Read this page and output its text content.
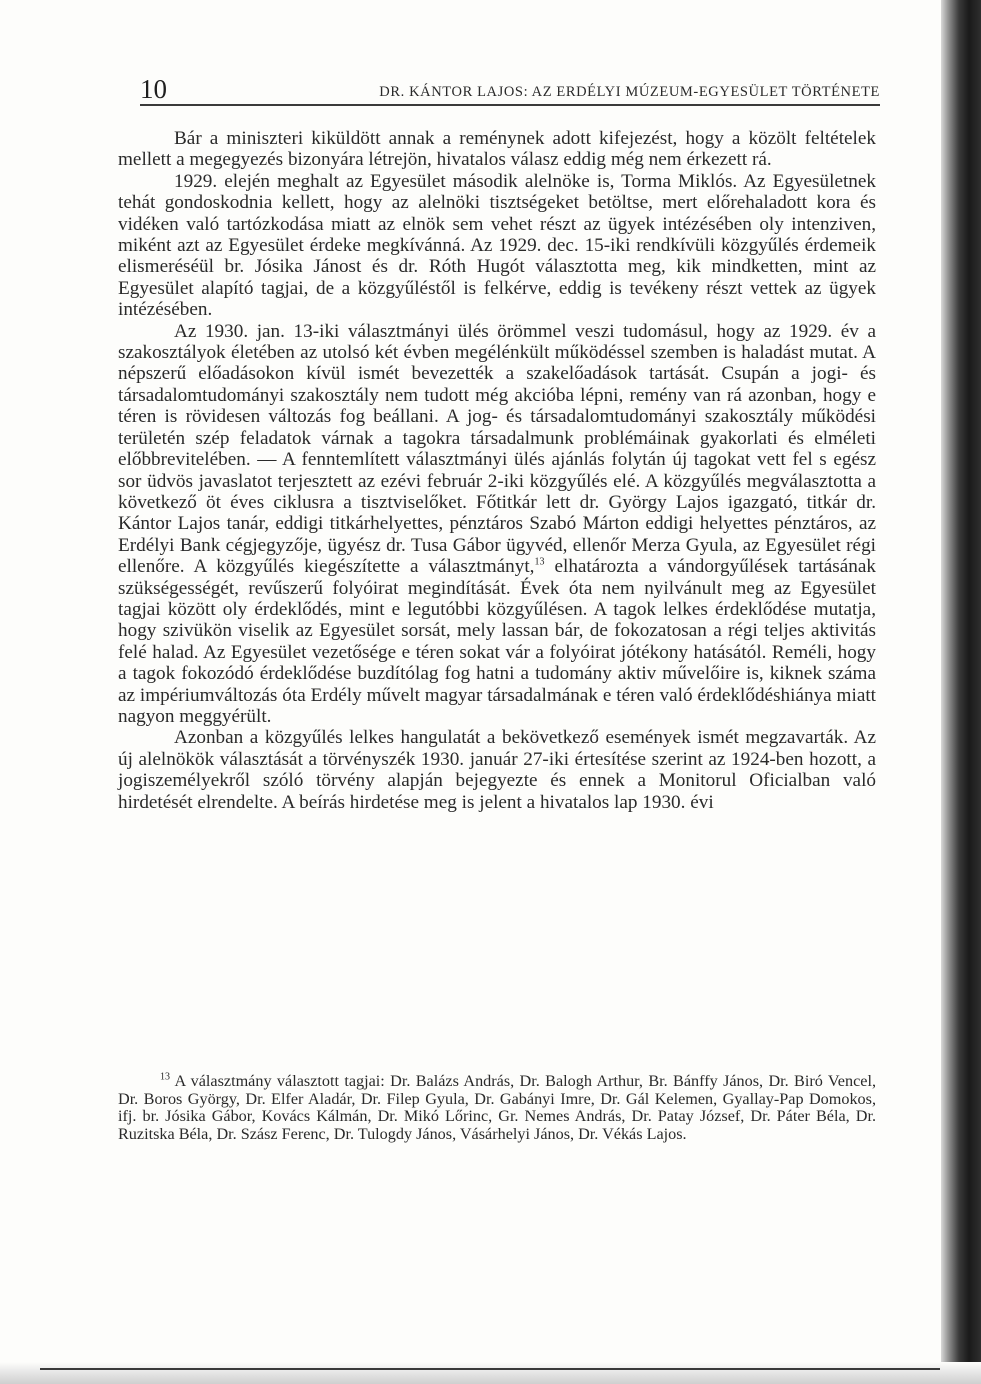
10	DR. KÁNTOR LAJOS: AZ ERDÉLYI MÚZEUM-EGYESÜLET TÖRTÉNETE

Bár a miniszteri kiküldött annak a reménynek adott kifejezést, hogy a közölt feltételek mellett a megegyezés bizonyára létrejön, hivatalos válasz eddig még nem érkezett rá.

1929. elején meghalt az Egyesület második alelnöke is, Torma Miklós. Az Egyesületnek tehát gondoskodnia kellett, hogy az alelnöki tisztségeket betöltse, mert előrehaladott kora és vidéken való tartózkodása miatt az elnök sem vehet részt az ügyek intézésében oly intenziven, miként azt az Egyesület érdeke megkívánná. Az 1929. dec. 15-iki rendkívüli közgyűlés érdemeik elismeréséül br. Jósika Jánost és dr. Róth Hugót választotta meg, kik mindketten, mint az Egyesület alapító tagjai, de a közgyűléstől is felkérve, eddig is tevékeny részt vettek az ügyek intézésében.

Az 1930. jan. 13-iki választmányi ülés örömmel veszi tudomásul, hogy az 1929. év a szakosztályok életében az utolsó két évben megélénkült működéssel szemben is haladást mutat. A népszerű előadásokon kívül ismét bevezették a szakelőadások tartását. Csupán a jogi- és társadalomtudományi szakosztály nem tudott még akcióba lépni, remény van rá azonban, hogy e téren is rövidesen változás fog beállani. A jog- és társadalomtudományi szakosztály működési területén szép feladatok várnak a tagokra társadalmunk problémáinak gyakorlati és elméleti előbbrevitelében. — A fenntemlített választmányi ülés ajánlás folytán új tagokat vett fel s egész sor üdvös javaslatot terjesztett az ezévi február 2-iki közgyűlés elé. A közgyűlés megválasztotta a következő öt éves ciklusra a tisztviselőket. Főtitkár lett dr. György Lajos igazgató, titkár dr. Kántor Lajos tanár, eddigi titkárhelyettes, pénztáros Szabó Márton eddigi helyettes pénztáros, az Erdélyi Bank cégjegyzője, ügyész dr. Tusa Gábor ügyvéd, ellenőr Merza Gyula, az Egyesület régi ellenőre. A közgyűlés kiegészítette a választmányt,$^{13}$ elhatározta a vándorgyűlések tartásának szükségességét, revűszerű folyóirat megindítását. Évek óta nem nyilvánult meg az Egyesület tagjai között oly érdeklődés, mint e legutóbbi közgyűlésen. A tagok lelkes érdeklődése mutatja, hogy szivükön viselik az Egyesület sorsát, mely lassan bár, de fokozatosan a régi teljes aktivitás felé halad. Az Egyesület vezetősége e téren sokat vár a folyóirat jótékony hatásától. Reméli, hogy a tagok fokozódó érdeklődése buzdítólag fog hatni a tudomány aktiv művelőire is, kiknek száma az impériumváltozás óta Erdély művelt magyar társadalmának e téren való érdeklődéshiánya miatt nagyon meggyérült.

Azonban a közgyűlés lelkes hangulatát a bekövetkező események ismét megzavarták. Az új alelnökök választását a törvényszék 1930. január 27-iki értesítése szerint az 1924-ben hozott, a jogiszemélyekről szóló törvény alapján bejegyezte és ennek a Monitorul Oficialban való hirdetését elrendelte. A beírás hirdetése meg is jelent a hivatalos lap 1930. évi

$^{13}$ A választmány választott tagjai: Dr. Balázs András, Dr. Balogh Arthur, Br. Bánffy János, Dr. Biró Vencel, Dr. Boros György, Dr. Elfer Aladár, Dr. Filep Gyula, Dr. Gabányi Imre, Dr. Gál Kelemen, Gyallay-Pap Domokos, ifj. br. Jósika Gábor, Kovács Kálmán, Dr. Mikó Lőrinc, Gr. Nemes András, Dr. Patay József, Dr. Páter Béla, Dr. Ruzitska Béla, Dr. Szász Ferenc, Dr. Tulogdy János, Vásárhelyi János, Dr. Vékás Lajos.
